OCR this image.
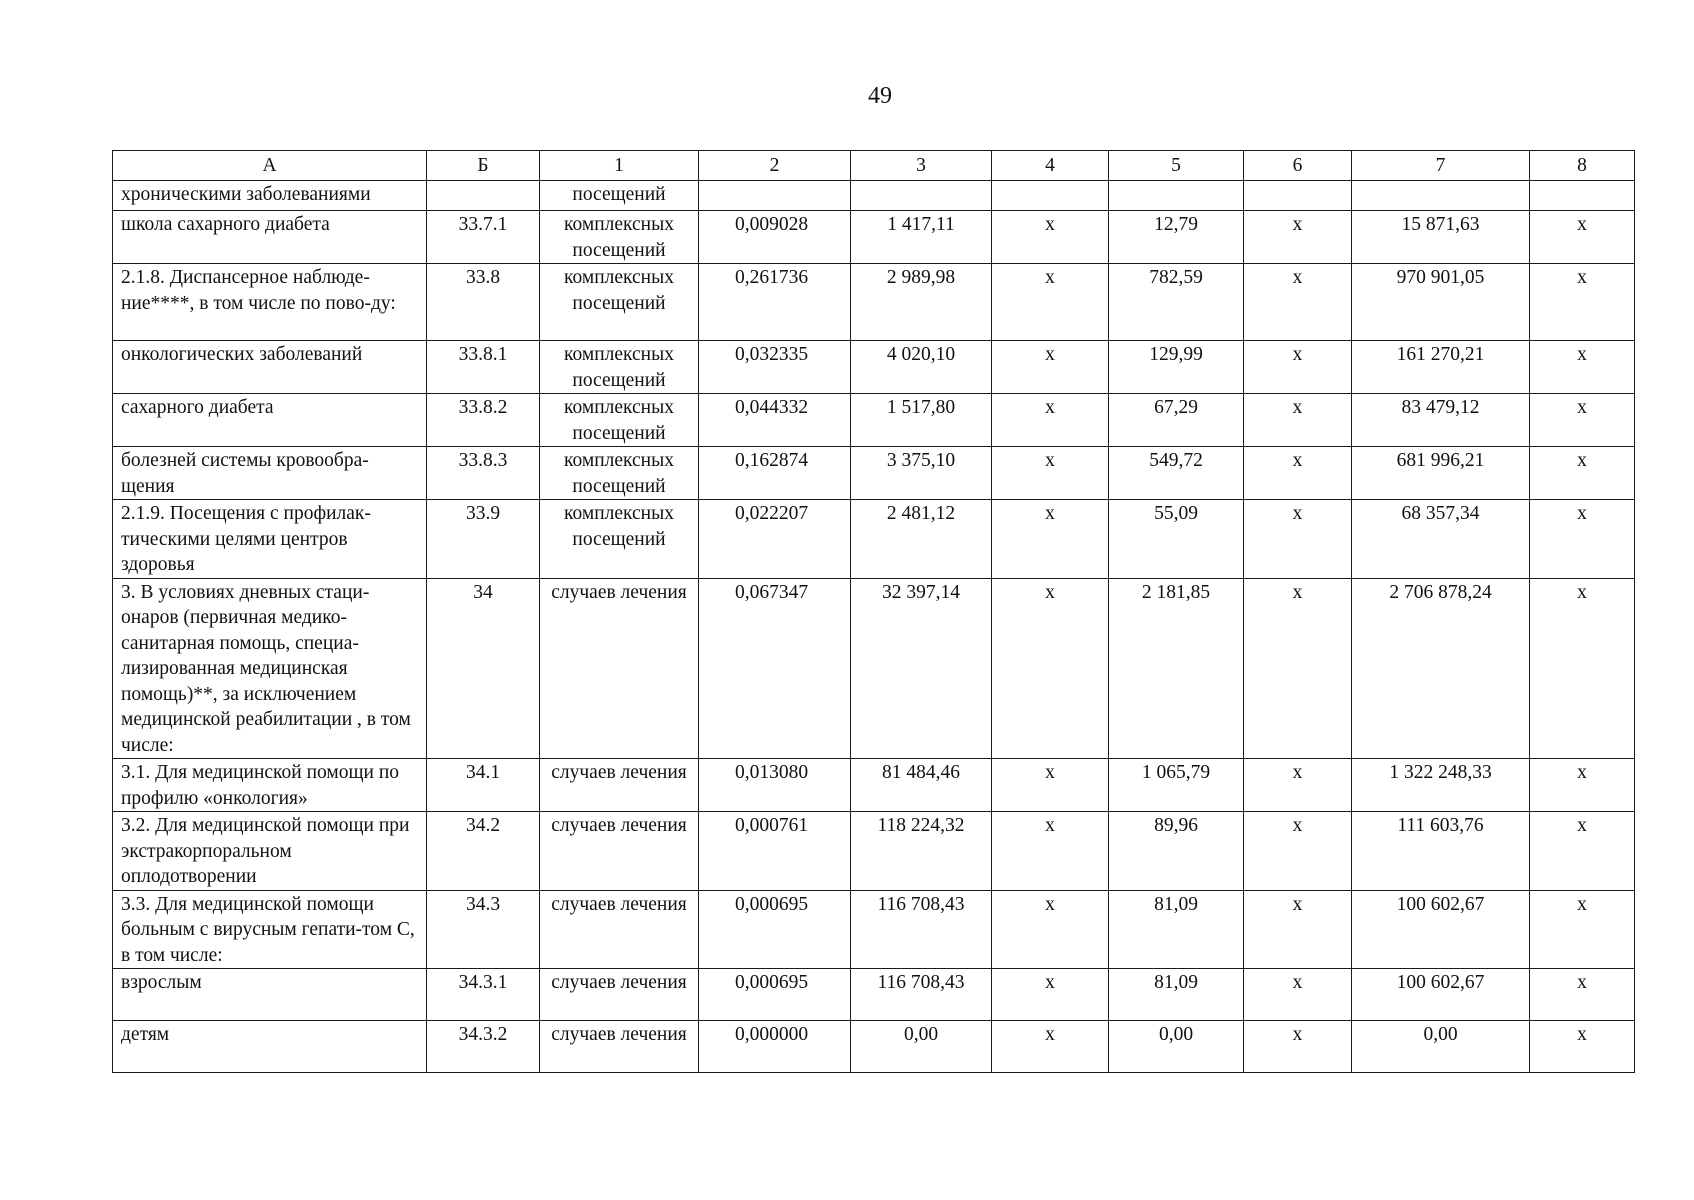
49
А	Б	1	2	3	4	5	6	7	8
хроническими заболеваниями		посещений							
школа сахарного диабета	33.7.1	комплексных посещений	0,009028	1 417,11	х	12,79	х	15 871,63	х
2.1.8. Диспансерное наблюде-ние****, в том числе по пово-ду:	33.8	комплексных посещений	0,261736	2 989,98	х	782,59	х	970 901,05	х
онкологических заболеваний	33.8.1	комплексных посещений	0,032335	4 020,10	х	129,99	х	161 270,21	х
сахарного диабета	33.8.2	комплексных посещений	0,044332	1 517,80	х	67,29	х	83 479,12	х
болезней системы кровообра-щения	33.8.3	комплексных посещений	0,162874	3 375,10	х	549,72	х	681 996,21	х
2.1.9. Посещения с профилак-тическими целями центров здоровья	33.9	комплексных посещений	0,022207	2 481,12	х	55,09	х	68 357,34	х
3. В условиях дневных стаци-онаров (первичная медико-санитарная помощь, специа-лизированная медицинская помощь)**, за исключением медицинской реабилитации , в том числе:	34	случаев лечения	0,067347	32 397,14	х	2 181,85	х	2 706 878,24	х
3.1. Для медицинской помощи по профилю «онкология»	34.1	случаев лечения	0,013080	81 484,46	х	1 065,79	х	1 322 248,33	х
3.2. Для медицинской помощи при экстракорпоральном оплодотворении	34.2	случаев лечения	0,000761	118 224,32	х	89,96	х	111 603,76	х
3.3. Для медицинской помощи больным с вирусным гепати-том С, в том числе:	34.3	случаев лечения	0,000695	116 708,43	х	81,09	х	100 602,67	х
взрослым	34.3.1	случаев лечения	0,000695	116 708,43	х	81,09	х	100 602,67	х
детям	34.3.2	случаев лечения	0,000000	0,00	х	0,00	х	0,00	х
